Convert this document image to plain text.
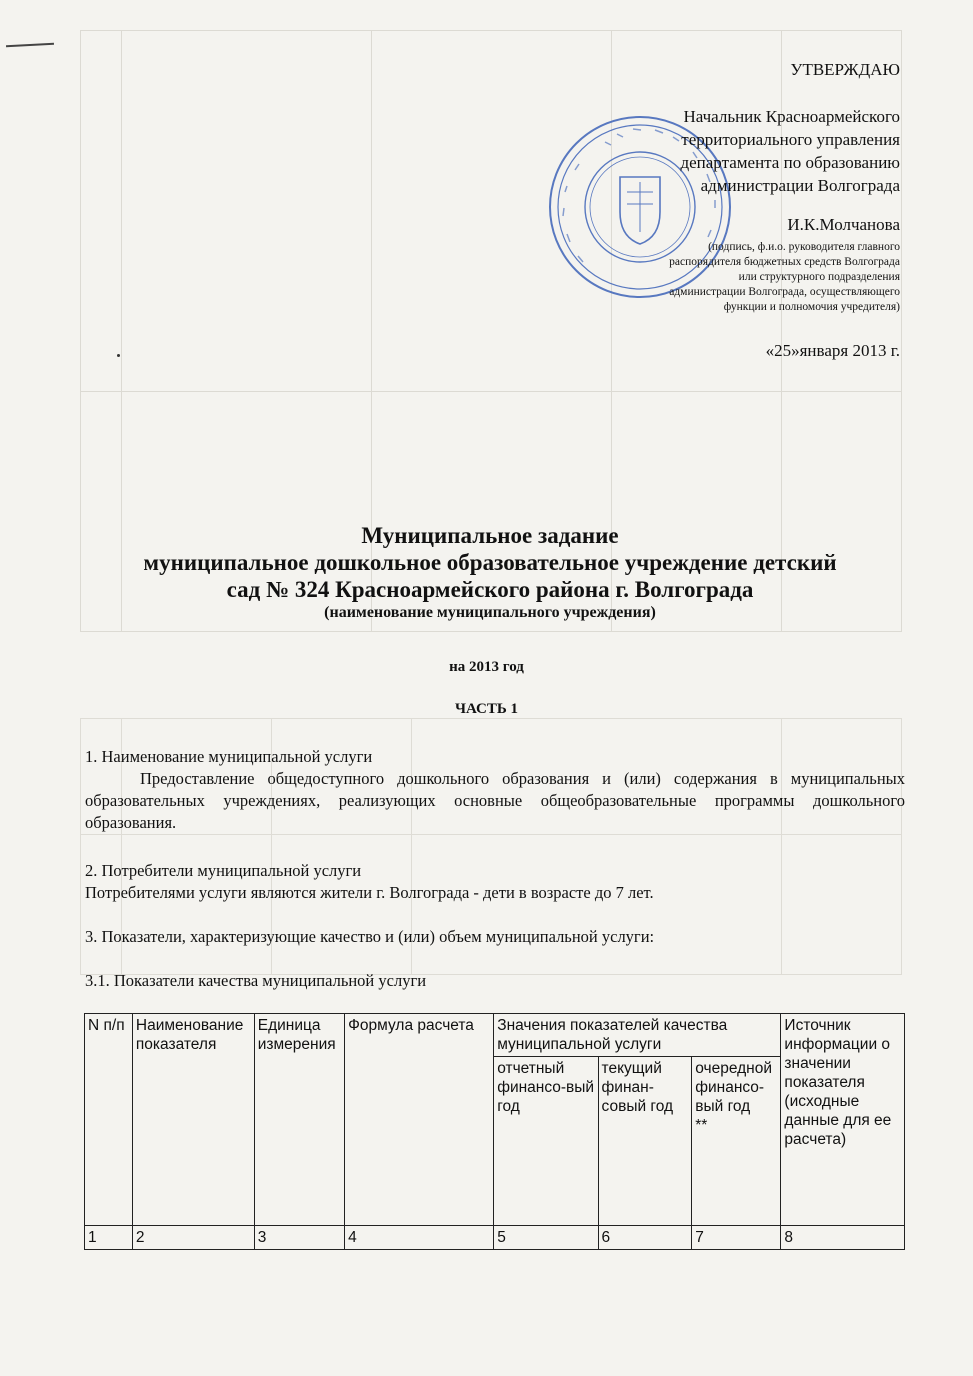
УТВЕРЖДАЮ
Начальник Красноармейского
территориального управления
департамента по образованию
администрации Волгограда
И.К.Молчанова
(подпись, ф.и.о. руководителя главного
распорядителя бюджетных средств Волгограда
или структурного подразделения
администрации Волгограда, осуществляющего
функции и полномочия учредителя)
«25»января 2013 г.
Муниципальное задание
муниципальное дошкольное образовательное учреждение детский
сад № 324 Красноармейского района г. Волгограда
(наименование муниципального учреждения)
на 2013 год
ЧАСТЬ 1
1. Наименование муниципальной услуги
Предоставление общедоступного дошкольного образования и (или) содержания в муниципальных образовательных учреждениях, реализующих основные общеобразовательные программы дошкольного образования.
2. Потребители муниципальной услуги
Потребителями услуги являются жители г. Волгограда - дети в возрасте до 7 лет.
3. Показатели, характеризующие качество и (или) объем муниципальной услуги:
3.1. Показатели качества муниципальной услуги
N п/п	Наименование показателя	Единица измерения	Формула расчета	Значения показателей качества муниципальной услуги			Источник информации о значении показателя (исходные данные для ее расчета)
				отчетный финансо-вый год	текущий финан-совый год	очередной финансо-вый год
**	
1	2	3	4	5	6	7	8
